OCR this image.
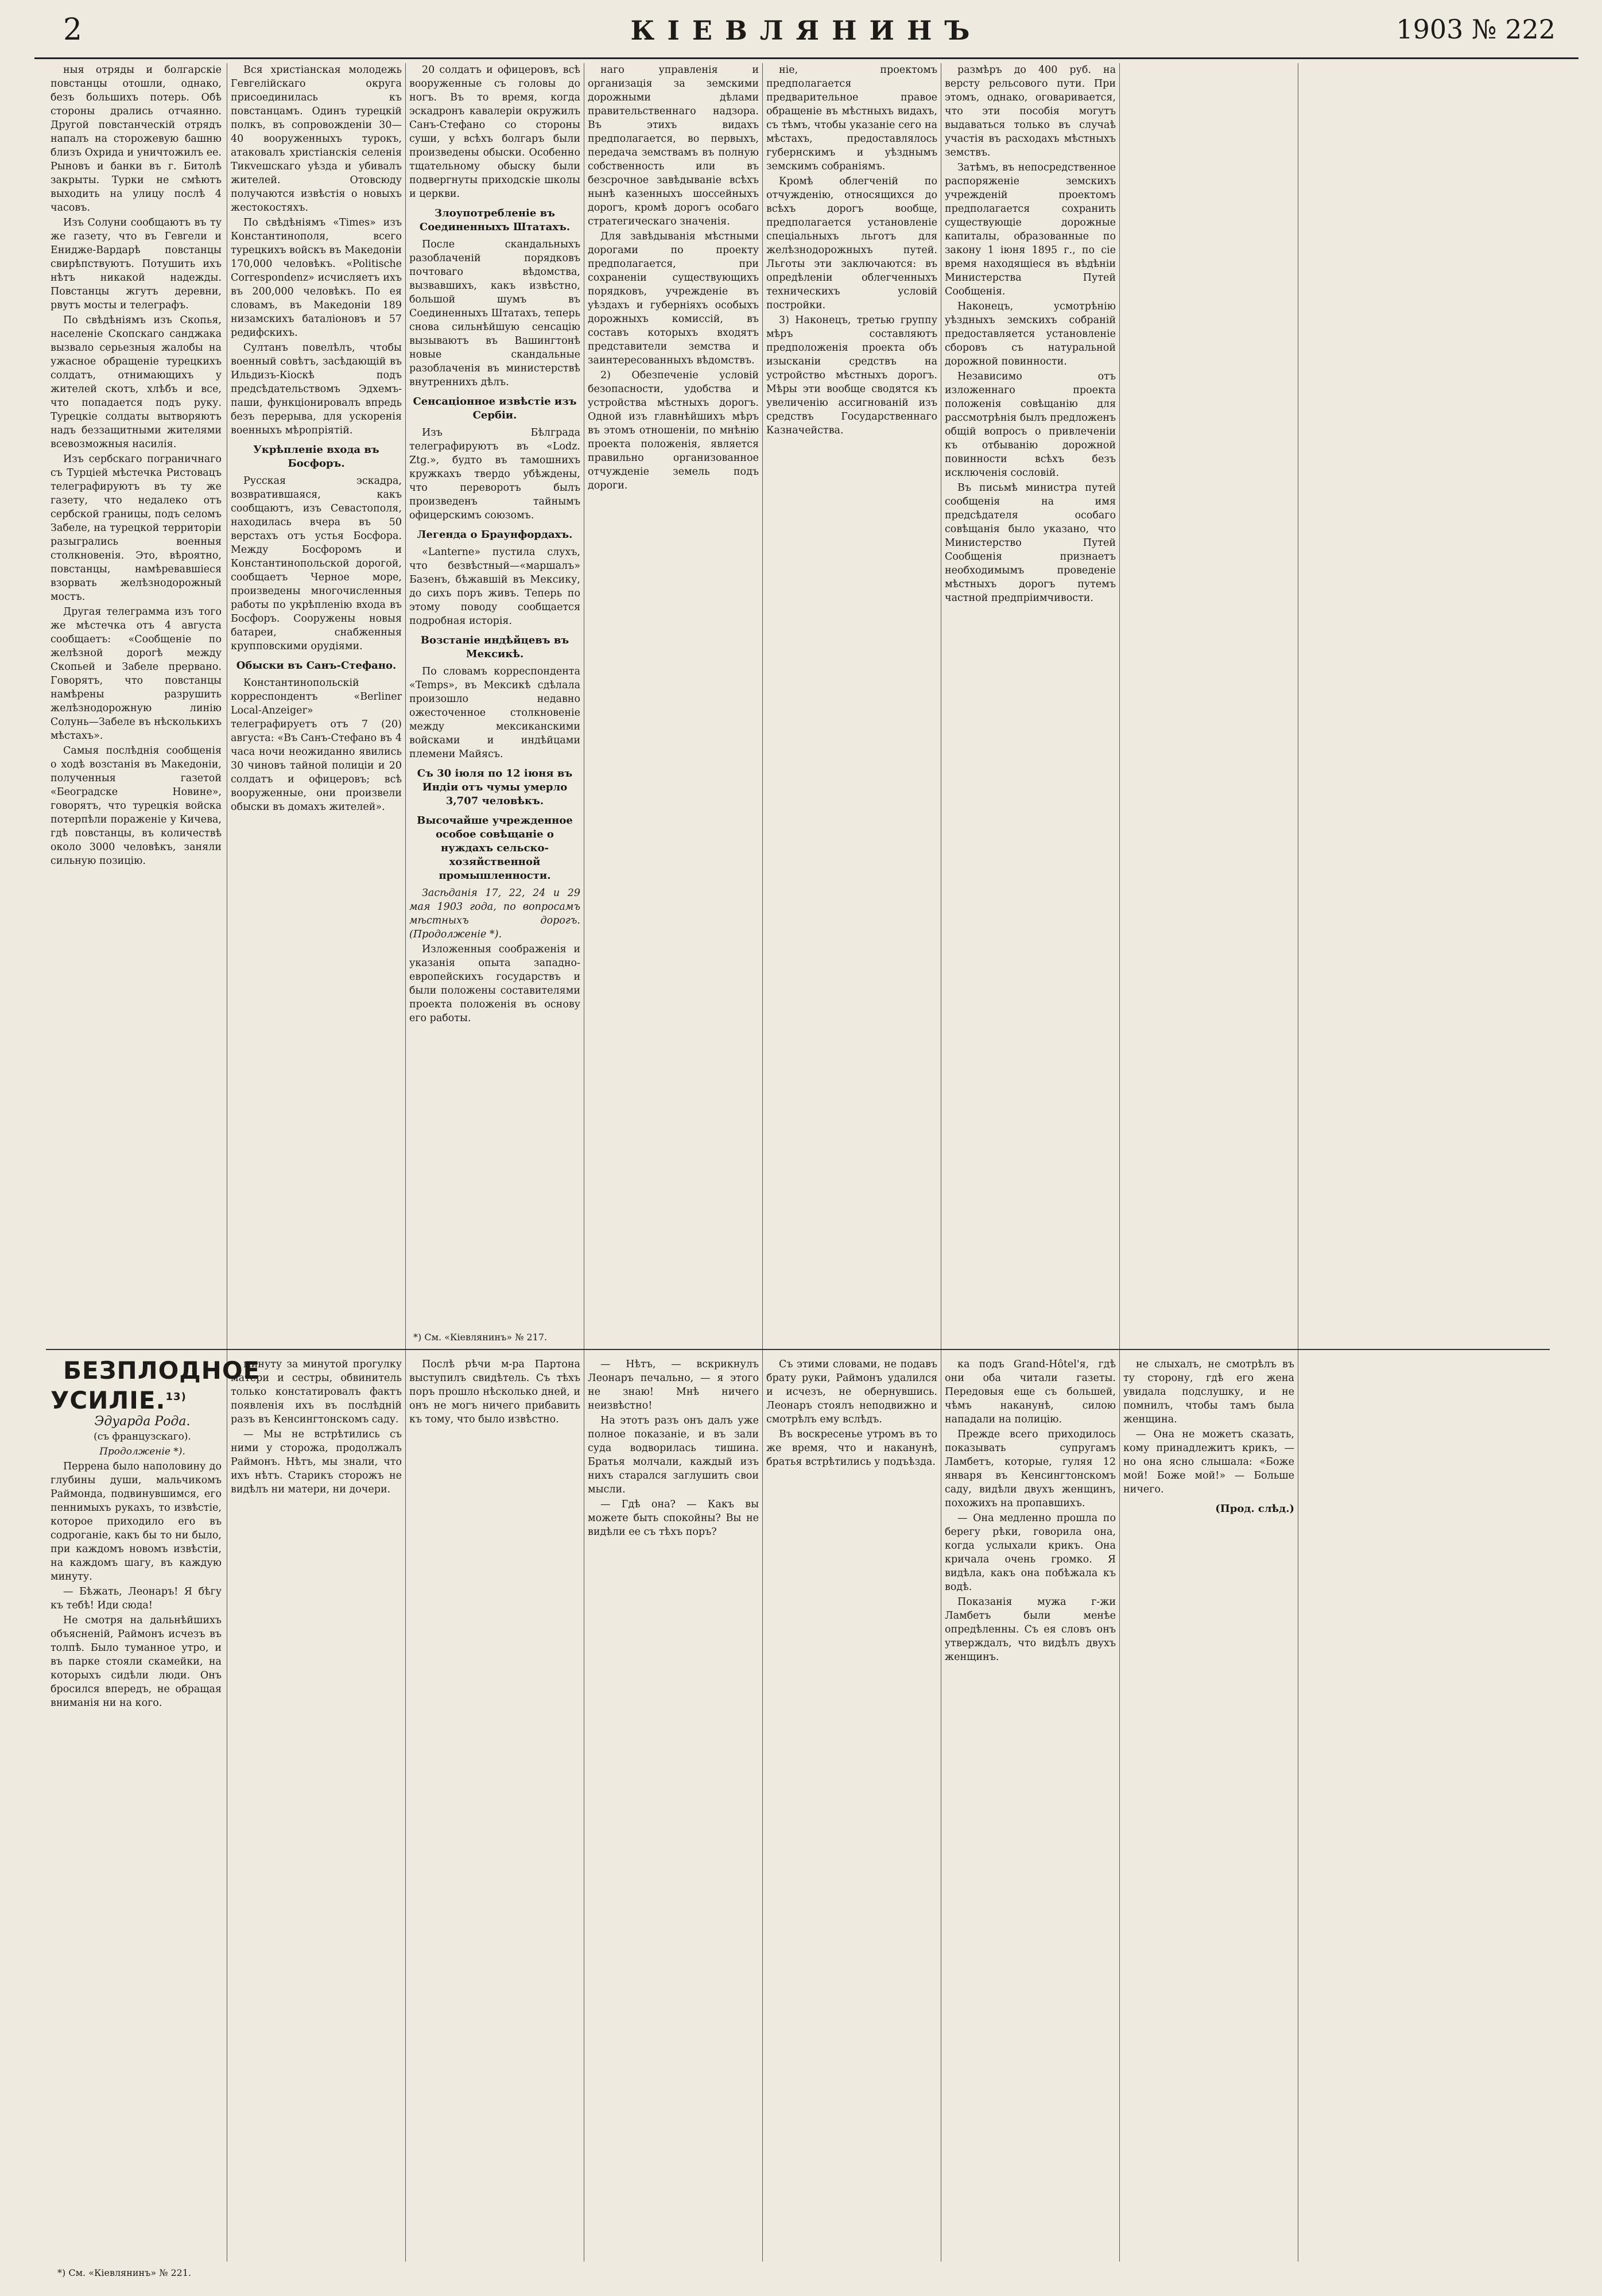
2	КІЕВЛЯНИНЪ	1903 № 222

ныя отряды и болгарскіе повстанцы отошли, однако, безъ большихъ потерь. Обѣ стороны дрались отчаянно. Другой повстанческій отрядъ напалъ на сторожевую башню близъ Охрида и уничтожилъ ее. Рыновъ и банки въ г. Битолѣ закрыты. Турки не смѣютъ выходить на улицу послѣ 4 часовъ.

Изъ Солуни сообщаютъ въ ту же газету, что въ Гевгели и Енидже-Вардарѣ повстанцы свирѣпствуютъ. Потушить ихъ нѣтъ никакой надежды. Повстанцы жгутъ деревни, рвутъ мосты и телеграфъ.

По свѣдѣніямъ изъ Скопья, населеніе Скопскаго санджака вызвало серьезныя жалобы на ужасное обращеніе турецкихъ солдатъ, отнимающихъ у жителей скотъ, хлѣбъ и все, что попадается подъ руку. Турецкіе солдаты вытворяютъ надъ беззащитными жителями всевозможныя насилія.

Изъ сербскаго пограничнаго съ Турціей мѣстечка Ристовацъ телеграфируютъ въ ту же газету, что недалеко отъ сербской границы, подъ селомъ Забеле, на турецкой территоріи разыгрались военныя столкновенія. Это, вѣроятно, повстанцы, намѣревавшіеся взорвать желѣзнодорожный мостъ.

Другая телеграмма изъ того же мѣстечка отъ 4 августа сообщаетъ: «Сообщеніе по желѣзной дорогѣ между Скопьей и Забеле прервано. Говорятъ, что повстанцы намѣрены разрушить желѣзнодорожную линію Солунь—Забеле въ нѣсколькихъ мѣстахъ».

Самыя послѣднія сообщенія о ходѣ возстанія въ Македоніи, полученныя газетой «Београдске Новине», говорятъ, что турецкія войска потерпѣли пораженіе у Кичева, гдѣ повстанцы, въ количествѣ около 3000 человѣкъ, заняли сильную позицію.

Вся христіанская молодежь Гевгелійскаго округа присоединилась къ повстанцамъ. Одинъ турецкій полкъ, въ сопровожденіи 30—40 вооруженныхъ турокъ, атаковалъ христіанскія селенія Тикveшскаго уѣзда и убивалъ жителей. Отовсюду получаются извѣстія о новыхъ жестокостяхъ.

По свѣдѣніямъ «Times» изъ Константинополя, всего турецкихъ войскъ въ Македоніи 170,000 человѣкъ. «Politische Correspondenz» исчисляетъ ихъ въ 200,000 человѣкъ. По ея словамъ, въ Македоніи 189 низамскихъ баталіоновъ и 57 редифскихъ.

Султанъ повелѣлъ, чтобы военный совѣтъ, засѣдающій въ Ильдизъ-Кіоскѣ подъ предсѣдательствомъ Эдхемъ-паши, функціонировалъ впредь безъ перерыва, для ускоренія военныхъ мѣропріятій.

Укрѣпленіе входа въ Босфоръ.

Русская эскадра, возвратившаяся, какъ сообщаютъ, изъ Севастополя, находилась вчера въ 50 верстахъ отъ устья Босфора. Между Босфоромъ и Константинопольской дорогой, сообщаетъ Черное море, произведены многочисленныя работы по укрѣпленію входа въ Босфоръ. Сооружены новыя батареи, снабженныя крупповскими орудіями.

Обыски въ Санъ-Стефано.

Константинопольскій корреспондентъ «Berliner Local-Anzeiger» телеграфируетъ отъ 7 (20) августа: «Въ Санъ-Стефано въ 4 часа ночи неожиданно явились 30 чиновъ тайной полиціи и 20 солдатъ и офицеровъ; всѣ вооруженные, они произвели обыски въ домахъ жителей».

20 солдатъ и офицеровъ, всѣ вооруженные съ головы до ногъ. Въ то время, когда эскадронъ кавалеріи окружилъ Санъ-Стефано со стороны суши, у всѣхъ болгаръ были произведены обыски. Особенно тщательному обыску были подвергнуты приходскіе школы и церкви.

Злоупотребленіе въ Соединенныхъ Штатахъ.

После скандальныхъ разоблаченій порядковъ почтоваго вѣдомства, вызвавшихъ, какъ извѣстно, большой шумъ въ Соединенныхъ Штатахъ, теперь снова сильнѣйшую сенсацію вызываютъ въ Вашингтонѣ новые скандальные разоблаченія въ министерствѣ внутреннихъ дѣлъ.

Сенсаціонное извѣстіе изъ Сербіи.

Изъ Бѣлграда телеграфируютъ въ «Lodz. Ztg.», будто въ тамошнихъ кружкахъ твердо убѣждены, что переворотъ былъ произведенъ тайнымъ офицерскимъ союзомъ.

Легенда о Браунфордахъ.

«Lanterne» пустила слухъ, что безвѣстный—«маршалъ» Базенъ, бѣжавшій въ Мексику, до сихъ поръ живъ. Теперь по этому поводу сообщается подробная исторія.

Возстаніе индѣйцевъ въ Мексикѣ.

По словамъ корреспондента «Temps», въ Мексикѣ сдѣлала произошло недавно ожесточенное столкновеніе между мексиканскими войсками и индѣйцами племени Майясъ.

Съ 30 іюля по 12 іюня въ Индіи отъ чумы умерло 3,707 человѣкъ.

Высочайше учрежденное особое совѣщаніе о нуждахъ сельско-хозяйственной промышленности.

Засѣданія 17, 22, 24 и 29 мая 1903 года, по вопросамъ мѣстныхъ дорогъ. (Продолженіе *).

Изложенныя соображенія и указанія опыта западно-европейскихъ государствъ и были положены составителями проекта положенія въ основу его работы.

наго управленія и организація за земскими дорожными дѣлами правительственнаго надзора. Въ этихъ видахъ предполагается, во первыхъ, передача земствамъ въ полную собственность или въ безсрочное завѣдываніе всѣхъ нынѣ казенныхъ шоссейныхъ дорогъ, кромѣ дорогъ особаго стратегическаго значенія.

Для завѣдыванія мѣстными дорогами по проекту предполагается, при сохраненіи существующихъ порядковъ, учрежденіе въ уѣздахъ и губерніяхъ особыхъ дорожныхъ комиссій, въ составъ которыхъ входятъ представители земства и заинтересованныхъ вѣдомствъ.

2) Обезпеченіе условій безопасности, удобства и устройства мѣстныхъ дорогъ. Одной изъ главнѣйшихъ мѣръ въ этомъ отношеніи, по мнѣнію проекта положенія, является правильно организованное отчужденіе земель подъ дороги.

ніе, проектомъ предполагается предварительное правое обращеніе въ мѣстныхъ видахъ, съ тѣмъ, чтобы указаніе сего на мѣстахъ, предоставлялось губернскимъ и уѣзднымъ земскимъ собраніямъ.

Кромѣ облегченій по отчужденію, относящихся до всѣхъ дорогъ вообще, предполагается установленіе спеціальныхъ льготъ для желѣзнодорожныхъ путей. Льготы эти заключаются: въ опредѣленіи облегченныхъ техническихъ условій постройки.

3) Наконецъ, третью группу мѣръ составляютъ предположенія проекта объ изысканіи средствъ на устройство мѣстныхъ дорогъ. Мѣры эти вообще сводятся къ увеличенію ассигнованій изъ средствъ Государственнаго Казначейства.

размѣръ до 400 руб. на версту рельсового пути. При этомъ, однако, оговаривается, что эти пособія могутъ выдаваться только въ случаѣ участія въ расходахъ мѣстныхъ земствъ.

Затѣмъ, въ непосредственное распоряженіе земскихъ учрежденій проектомъ предполагается сохранить существующіе дорожные капиталы, образованные по закону 1 іюня 1895 г., по сіе время находящіеся въ вѣдѣніи Министерства Путей Сообщенія.

Наконецъ, усмотрѣнію уѣздныхъ земскихъ собраній предоставляется установленіе сборовъ съ натуральной дорожной повинности.

Независимо отъ изложеннаго проекта положенія совѣщанію для рассмотрѣнія былъ предложенъ общій вопросъ о привлеченіи къ отбыванію дорожной повинности всѣхъ безъ исключенія сословій.

Въ письмѣ министра путей сообщенія на имя предсѣдателя особаго совѣщанія было указано, что Министерство Путей Сообщенія признаетъ необходимымъ проведеніе мѣстныхъ дорогъ путемъ частной предпріимчивости.

БЕЗПЛОДНОЕ УСИЛІЕ.$^{13)}$

Эдуарда Рода.

(съ французскаго).

Продолженіе *).

Перрена было наполовину до глубины души, мальчикомъ Раймонда, подвинувшимся, его пеннимыхъ рукахъ, то извѣстіе, которое приходило его въ содроганіе, какъ бы то ни было, при каждомъ новомъ извѣстіи, на каждомъ шагу, въ каждую минуту.

— Бѣжать, Леонаръ! Я бѣгу къ тебѣ! Иди сюда!

Не смотря на дальнѣйшихъ объясненій, Раймонъ исчезъ въ толпѣ. Было туманное утро, и въ парке стояли скамейки, на которыхъ сидѣли люди. Онъ бросился впередъ, не обращая вниманія ни на кого.

минуту за минутой прогулку матери и сестры, обвинитель только констатировалъ фактъ появленія ихъ въ послѣдній разъ въ Кенсингтонскомъ саду.

— Мы не встрѣтились съ ними у сторожа, продолжалъ Раймонъ. Нѣтъ, мы знали, что ихъ нѣтъ. Старикъ сторожъ не видѣлъ ни матери, ни дочери.

Послѣ рѣчи м-ра Партона выступилъ свидѣтель. Съ тѣхъ поръ прошло нѣсколько дней, и онъ не могъ ничего прибавить къ тому, что было извѣстно.

— Нѣтъ, — вскрикнулъ Леонаръ печально, — я этого не знаю! Мнѣ ничего неизвѣстно!

На этотъ разъ онъ далъ уже полное показаніе, и въ зали суда водворилась тишина. Братья молчали, каждый изъ нихъ старался заглушить свои мысли.

— Гдѣ она? — Какъ вы можете быть спокойны? Вы не видѣли ее съ тѣхъ поръ?

Съ этими словами, не подавъ брату руки, Раймонъ удалился и исчезъ, не обернувшись. Леонаръ стоялъ неподвижно и смотрѣлъ ему вслѣдъ.

Въ воскресенье утромъ въ то же время, что и наканунѣ, братья встрѣтились у подъѣзда.

ка подъ Grand-Hôtel'я, гдѣ они оба читали газеты. Передовыя еще съ большей, чѣмъ наканунѣ, силою нападали на полицію.

Прежде всего приходилось показывать супругамъ Ламбетъ, которые, гуляя 12 января въ Кенсингтонскомъ саду, видѣли двухъ женщинъ, похожихъ на пропавшихъ.

— Она медленно прошла по берегу рѣки, говорила она, когда услыхали крикъ. Она кричала очень громко. Я видѣла, какъ она побѣжала къ водѣ.

Показанія мужа г-жи Ламбетъ были менѣе опредѣленны. Съ ея словъ онъ утверждалъ, что видѣлъ двухъ женщинъ.

не слыхалъ, не смотрѣлъ въ ту сторону, гдѣ его жена увидала подслушку, и не помнилъ, чтобы тамъ была женщина.

— Она не можетъ сказать, кому принадлежитъ крикъ, — но она ясно слышала: «Боже мой! Боже мой!» — Больше ничего.

(Прод. слѣд.)

*) См. «Кіевлянинъ» № 221.
*) См. «Кіевлянинъ» № 217.
